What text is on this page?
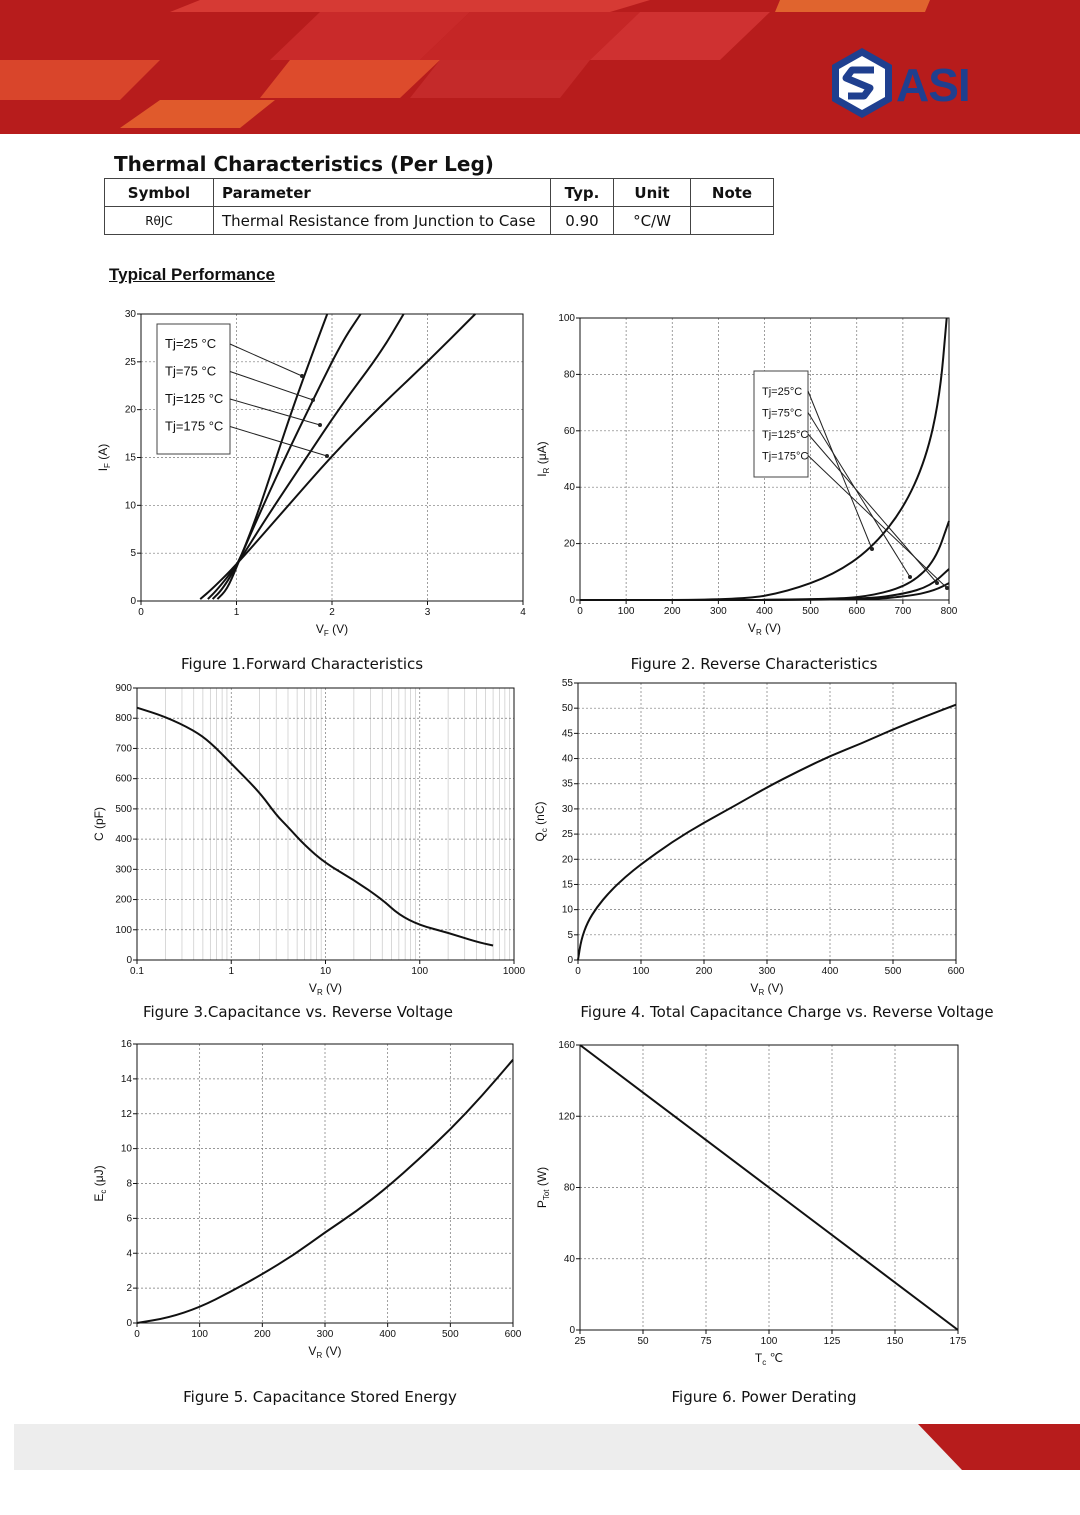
ASI
Thermal Characteristics (Per Leg)
Symbol	Parameter	Typ.	Unit	Note
RθJC	Thermal Resistance from Junction to Case	0.90	°C/W	
Typical Performance
0	1	2	3	4
0
5
10
15
20
25
30
$V_F$ (V)
$I_F$ (A)
0	100	200	300	400	500	600	700	800
0
20
40
60
80
100
$V_R$ (V)
$I_R$ (μA)
0.1	1	10	100	1000
0
100
200
300
400
500
600
700
800
900
$V_R$ (V)
C (pF)
0	100	200	300	400	500	600
0
5
10
15
20
25
30
35
40
45
50
55
$V_R$ (V)
$Q_c$ (nC)
0	100	200	300	400	500	600
0
2
4
6
8
10
12
14
16
$V_R$ (V)
$E_c$ (μJ)
25	50	75	100	125	150	175
0
40
80
120
160
$T_c$ ℃
$P_{Tot}$ (W)
Tj=25 °C
Tj=75 °C
Tj=125 °C
Tj=175 °C
Tj=25°C
Tj=75°C
Tj=125°C
Tj=175°C
Figure 1.Forward Characteristics	Figure 2. Reverse Characteristics
Figure 3.Capacitance vs. Reverse Voltage	Figure 4. Total Capacitance Charge vs. Reverse Voltage
Figure 5. Capacitance Stored Energy	Figure 6. Power Derating
